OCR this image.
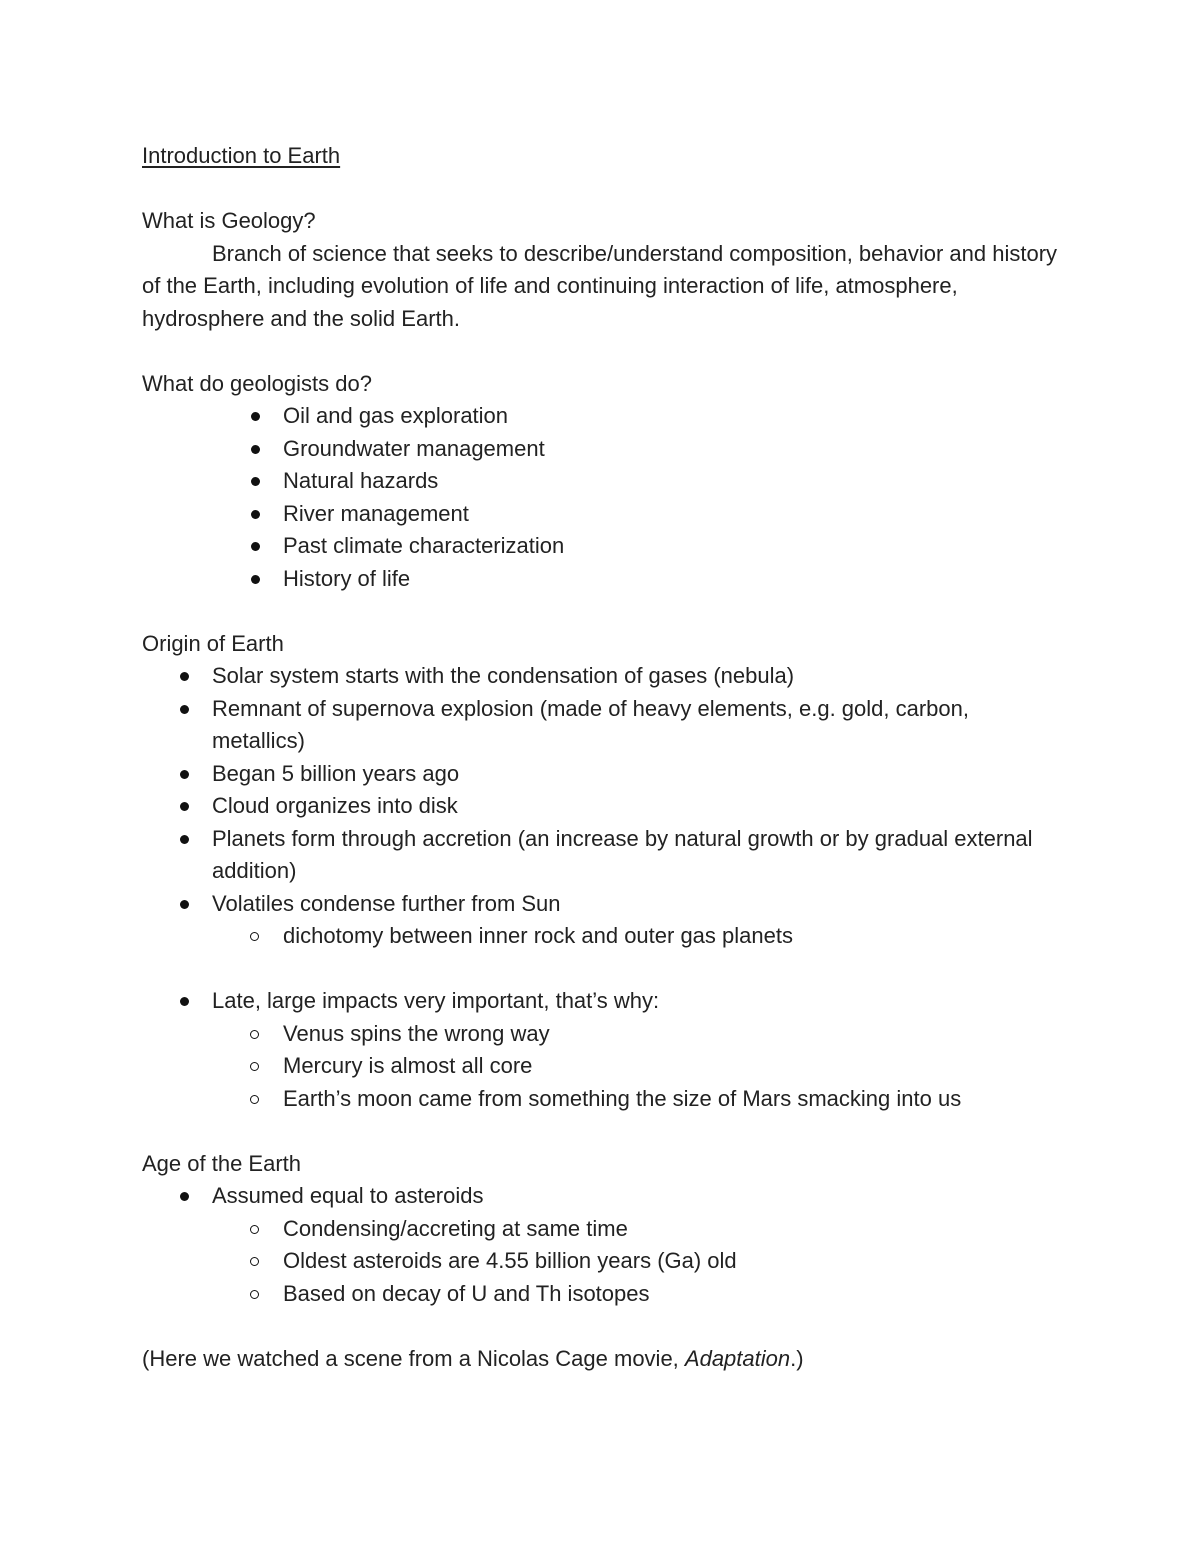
Introduction to Earth

What is Geology?

Branch of science that seeks to describe/understand composition, behavior and history of the Earth, including evolution of life and continuing interaction of life, atmosphere, hydrosphere and the solid Earth.

What do geologists do?

Oil and gas exploration
Groundwater management
Natural hazards
River management
Past climate characterization
History of life

Origin of Earth

Solar system starts with the condensation of gases (nebula)
Remnant of supernova explosion (made of heavy elements, e.g. gold, carbon, metallics)
Began 5 billion years ago
Cloud organizes into disk
Planets form through accretion (an increase by natural growth or by gradual external addition)
Volatiles condense further from Sun
dichotomy between inner rock and outer gas planets
Late, large impacts very important, that’s why:
Venus spins the wrong way
Mercury is almost all core
Earth’s moon came from something the size of Mars smacking into us

Age of the Earth

Assumed equal to asteroids
Condensing/accreting at same time
Oldest asteroids are 4.55 billion years (Ga) old
Based on decay of U and Th isotopes

(Here we watched a scene from a Nicolas Cage movie, Adaptation.)
